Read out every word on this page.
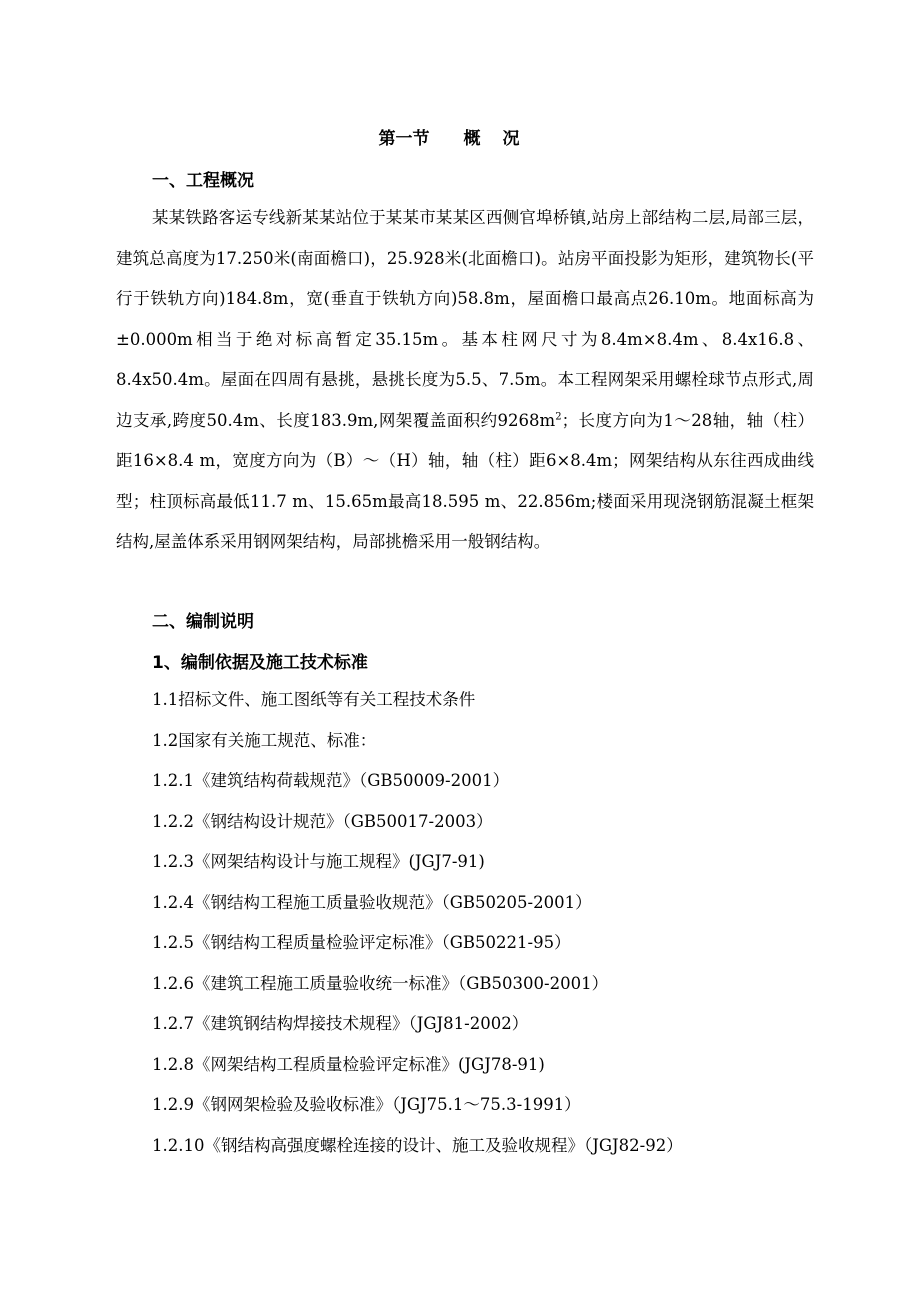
第一节 概况
一、工程概况

某某铁路客运专线新某某站位于某某市某某区西侧官埠桥镇,站房上部结构二层,局部三层，建筑总高度为17.250米(南面檐口)，25.928米(北面檐口)。站房平面投影为矩形，建筑物长(平行于铁轨方向)184.8m，宽(垂直于铁轨方向)58.8m，屋面檐口最高点26.10m。地面标高为±0.000m相当于绝对标高暂定35.15m。基本柱网尺寸为8.4m×8.4m、8.4x16.8、8.4x50.4m。屋面在四周有悬挑，悬挑长度为5.5、7.5m。本工程网架采用螺栓球节点形式,周边支承,跨度50.4m、长度183.9m,网架覆盖面积约$9268m^2$；长度方向为1～28轴，轴（柱）距16×8.4 m，宽度方向为（B）～（H）轴，轴（柱）距6×8.4m；网架结构从东往西成曲线型；柱顶标高最低11.7 m、15.65m最高18.595 m、22.856m;楼面采用现浇钢筋混凝土框架结构,屋盖体系采用钢网架结构，局部挑檐采用一般钢结构。

二、编制说明
1、编制依据及施工技术标准
1.1招标文件、施工图纸等有关工程技术条件
1.2国家有关施工规范、标准：
1.2.1《建筑结构荷载规范》（GB50009-2001）
1.2.2《钢结构设计规范》（GB50017-2003）
1.2.3《网架结构设计与施工规程》(JGJ7-91)
1.2.4《钢结构工程施工质量验收规范》（GB50205-2001）
1.2.5《钢结构工程质量检验评定标准》（GB50221-95）
1.2.6《建筑工程施工质量验收统一标准》（GB50300-2001）
1.2.7《建筑钢结构焊接技术规程》（JGJ81-2002）
1.2.8《网架结构工程质量检验评定标准》(JGJ78-91)
1.2.9《钢网架检验及验收标准》（JGJ75.1～75.3-1991）
1.2.10《钢结构高强度螺栓连接的设计、施工及验收规程》（JGJ82-92）
